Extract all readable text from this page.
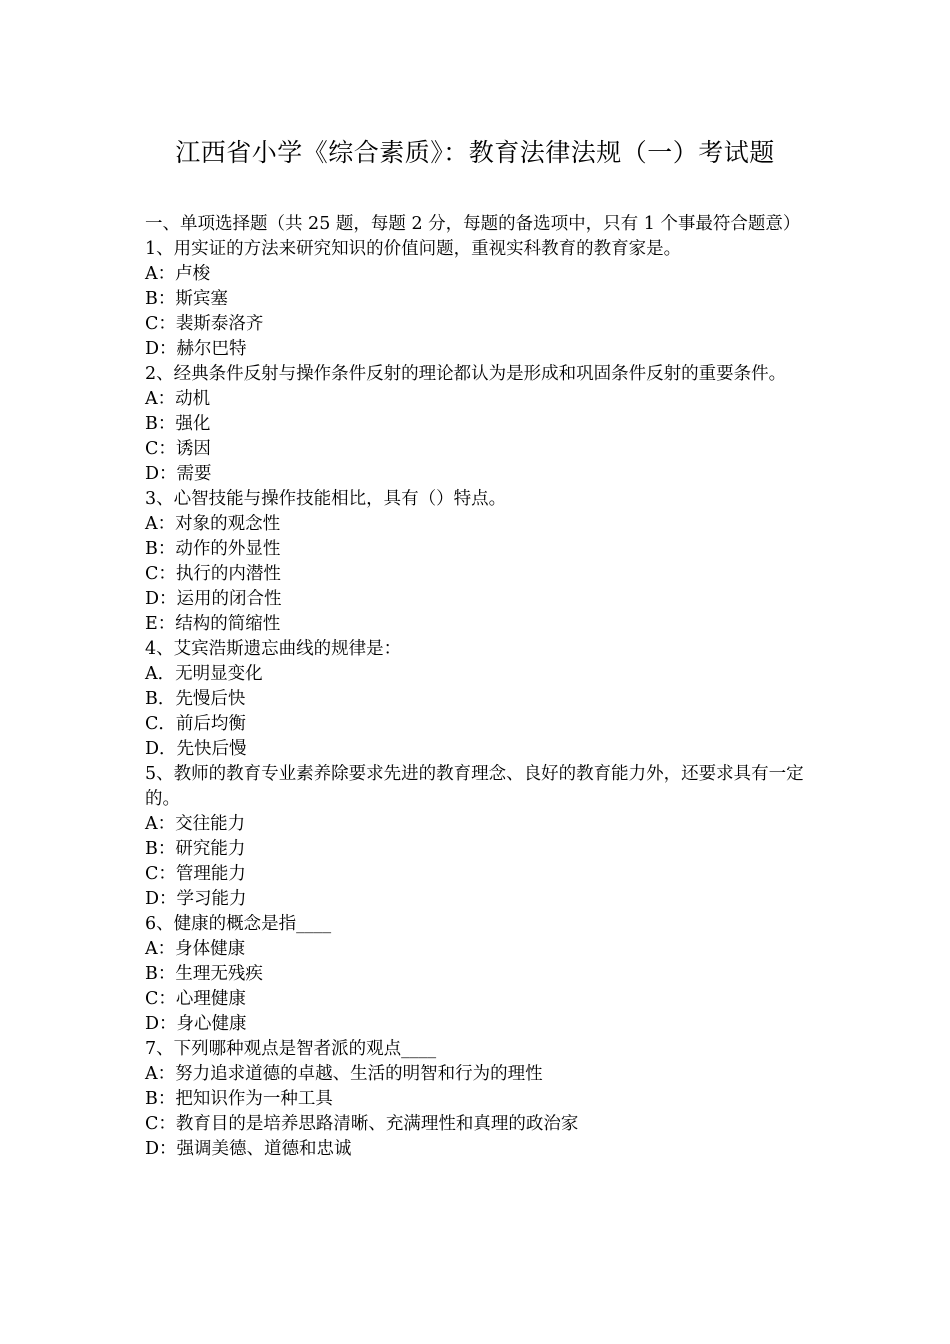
江西省小学《综合素质》：教育法律法规（一）考试题
一、单项选择题（共 25 题，每题 2 分，每题的备选项中，只有 1 个事最符合题意）
1、用实证的方法来研究知识的价值问题，重视实科教育的教育家是。
A：卢梭
B：斯宾塞
C：裴斯泰洛齐
D：赫尔巴特
2、经典条件反射与操作条件反射的理论都认为是形成和巩固条件反射的重要条件。
A：动机
B：强化
C：诱因
D：需要
3、心智技能与操作技能相比，具有（）特点。
A：对象的观念性
B：动作的外显性
C：执行的内潜性
D：运用的闭合性
E：结构的简缩性
4、艾宾浩斯遗忘曲线的规律是：
A．无明显变化
B．先慢后快
C．前后均衡
D．先快后慢
5、教师的教育专业素养除要求先进的教育理念、良好的教育能力外，还要求具有一定的。
A：交往能力
B：研究能力
C：管理能力
D：学习能力
6、健康的概念是指____
A：身体健康
B：生理无残疾
C：心理健康
D：身心健康
7、下列哪种观点是智者派的观点____
A：努力追求道德的卓越、生活的明智和行为的理性
B：把知识作为一种工具
C：教育目的是培养思路清晰、充满理性和真理的政治家
D：强调美德、道德和忠诚
